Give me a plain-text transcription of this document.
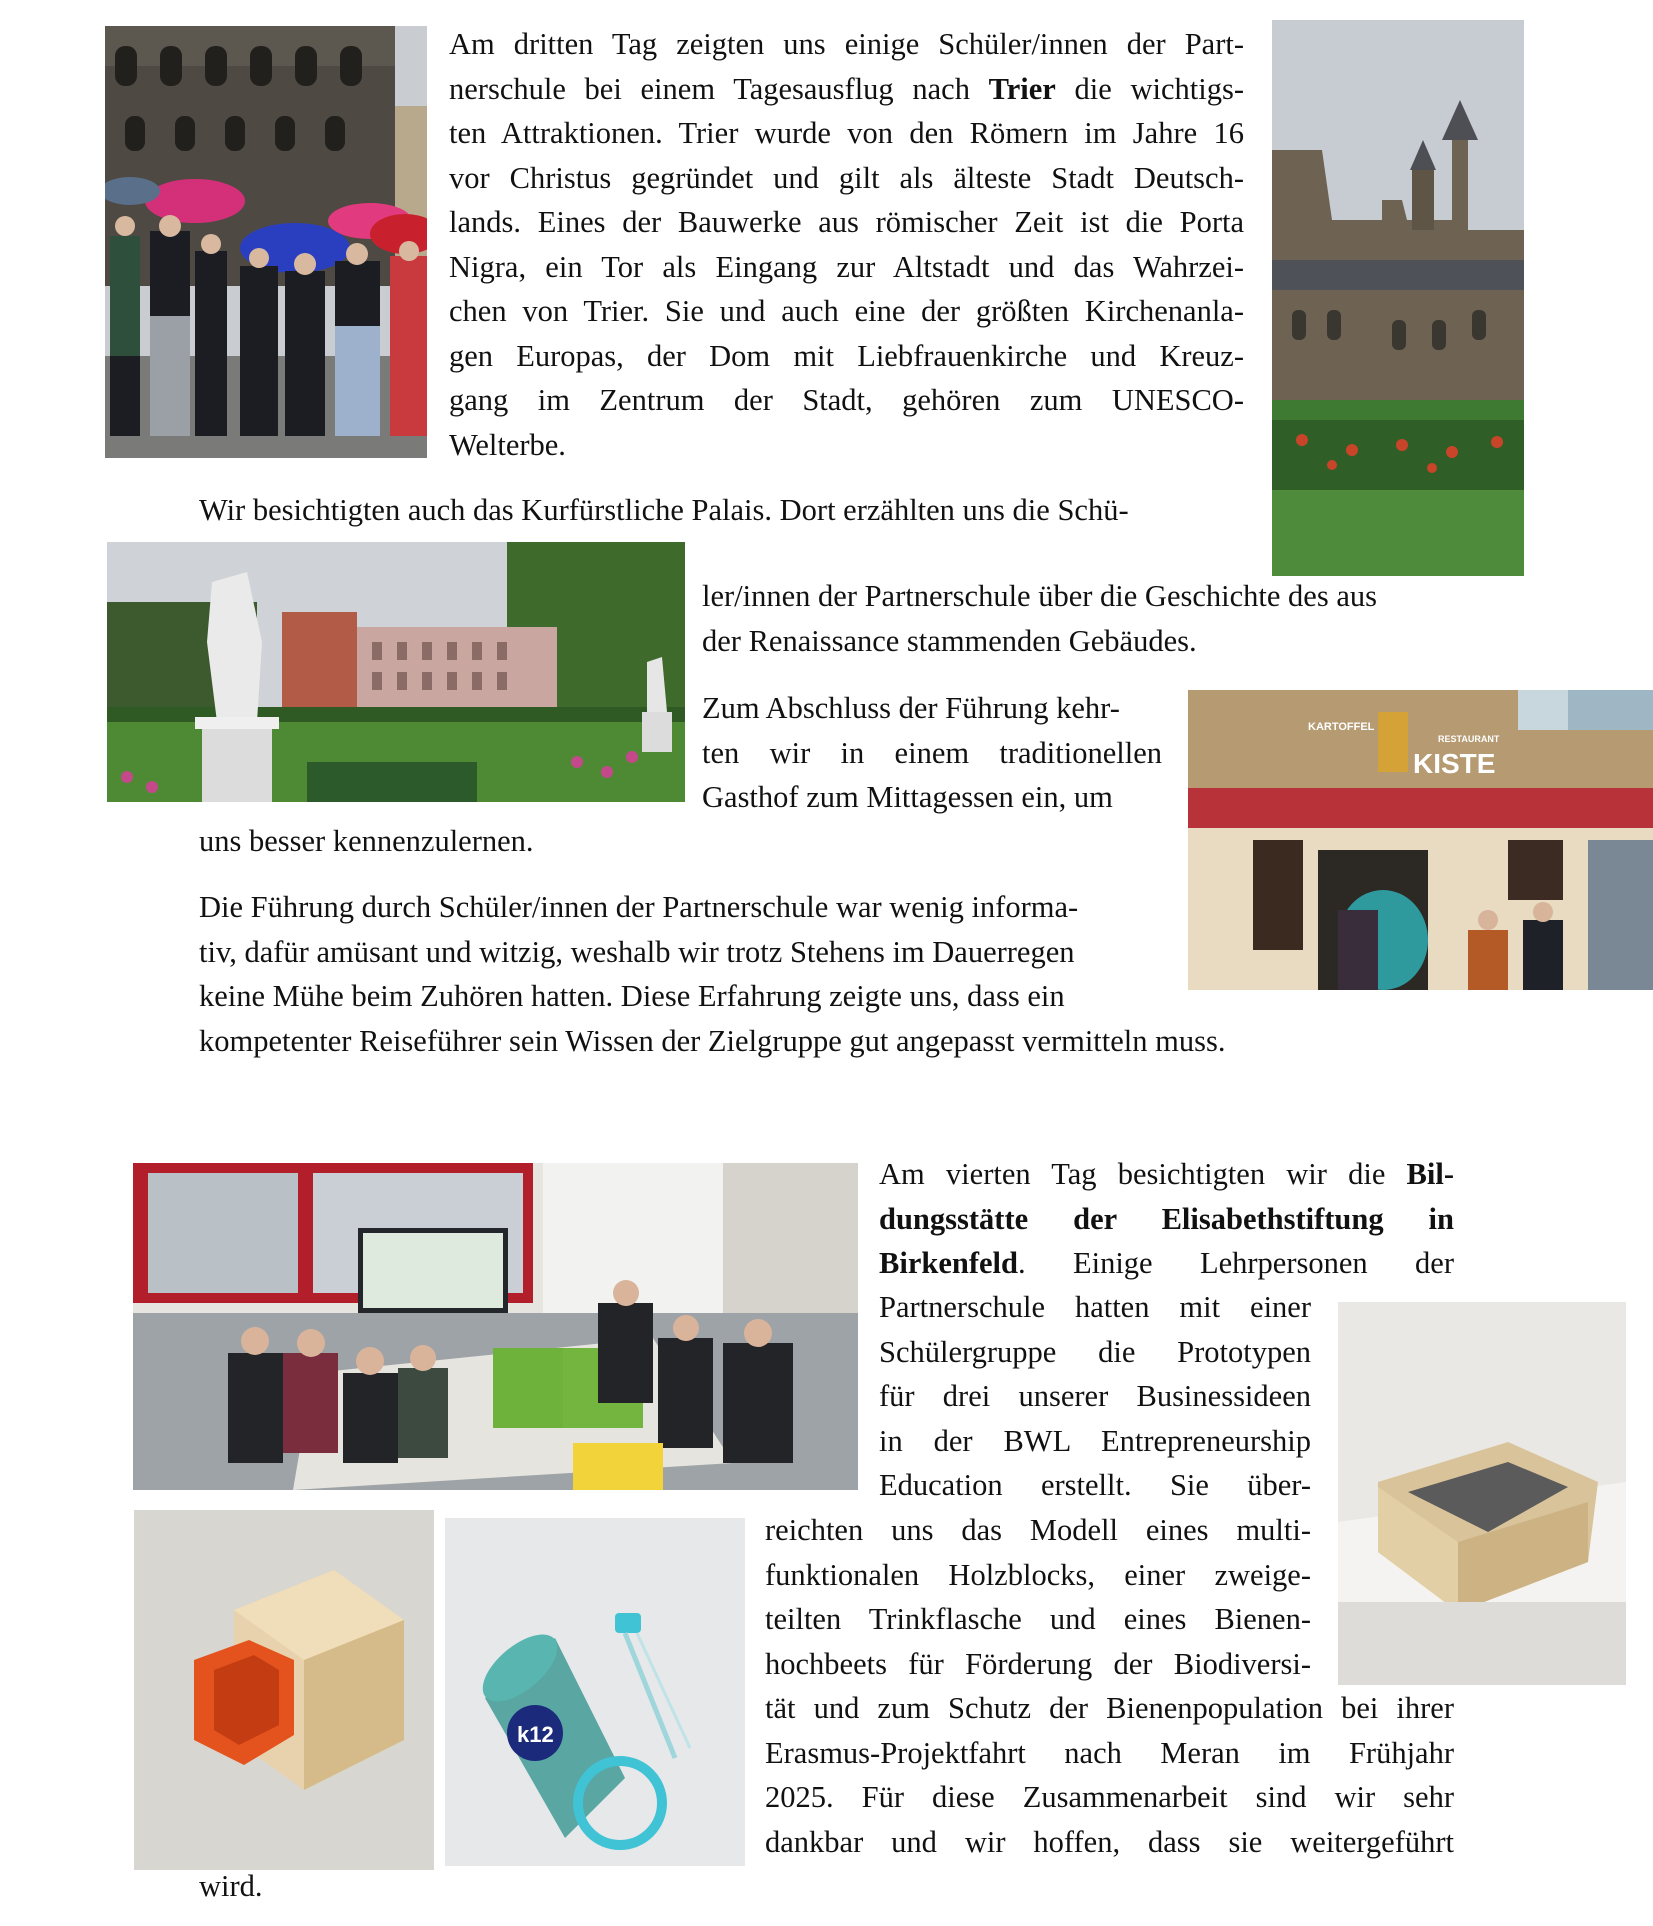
KARTOFFEL
RESTAURANT
KISTE
k12
Am dritten Tag zeigten uns einige Schüler/innen der Part-
nerschule bei einem Tagesausflug nach Trier die wichtigs-
ten Attraktionen. Trier wurde von den Römern im Jahre 16
vor Christus gegründet und gilt als älteste Stadt Deutsch-
lands. Eines der Bauwerke aus römischer Zeit ist die Porta
Nigra, ein Tor als Eingang zur Altstadt und das Wahrzei-
chen von Trier. Sie und auch eine der größten Kirchenanla-
gen Europas, der Dom mit Liebfrauenkirche und Kreuz-
gang im Zentrum der Stadt, gehören zum UNESCO-
Welterbe.
Wir besichtigten auch das Kurfürstliche Palais. Dort erzählten uns die Schü-
ler/innen der Partnerschule über die Geschichte des aus
der Renaissance stammenden Gebäudes.
Zum Abschluss der Führung kehr-
ten wir in einem traditionellen
Gasthof zum Mittagessen ein, um
uns besser kennenzulernen.
Die Führung durch Schüler/innen der Partnerschule war wenig informa-
tiv, dafür amüsant und witzig, weshalb wir trotz Stehens im Dauerregen
keine Mühe beim Zuhören hatten. Diese Erfahrung zeigte uns, dass ein
kompetenter Reiseführer sein Wissen der Zielgruppe gut angepasst vermitteln muss.
Am vierten Tag besichtigten wir die Bil-
dungsstätte der Elisabethstiftung in
Birkenfeld. Einige Lehrpersonen der
Partnerschule hatten mit einer
Schülergruppe die Prototypen
für drei unserer Businessideen
in der BWL Entrepreneurship
Education erstellt. Sie über-
reichten uns das Modell eines multi-
funktionalen Holzblocks, einer zweige-
teilten Trinkflasche und eines Bienen-
hochbeets für Förderung der Biodiversi-
tät und zum Schutz der Bienenpopulation bei ihrer
Erasmus-Projektfahrt nach Meran im Frühjahr
2025. Für diese Zusammenarbeit sind wir sehr
dankbar und wir hoffen, dass sie weitergeführt
wird.
